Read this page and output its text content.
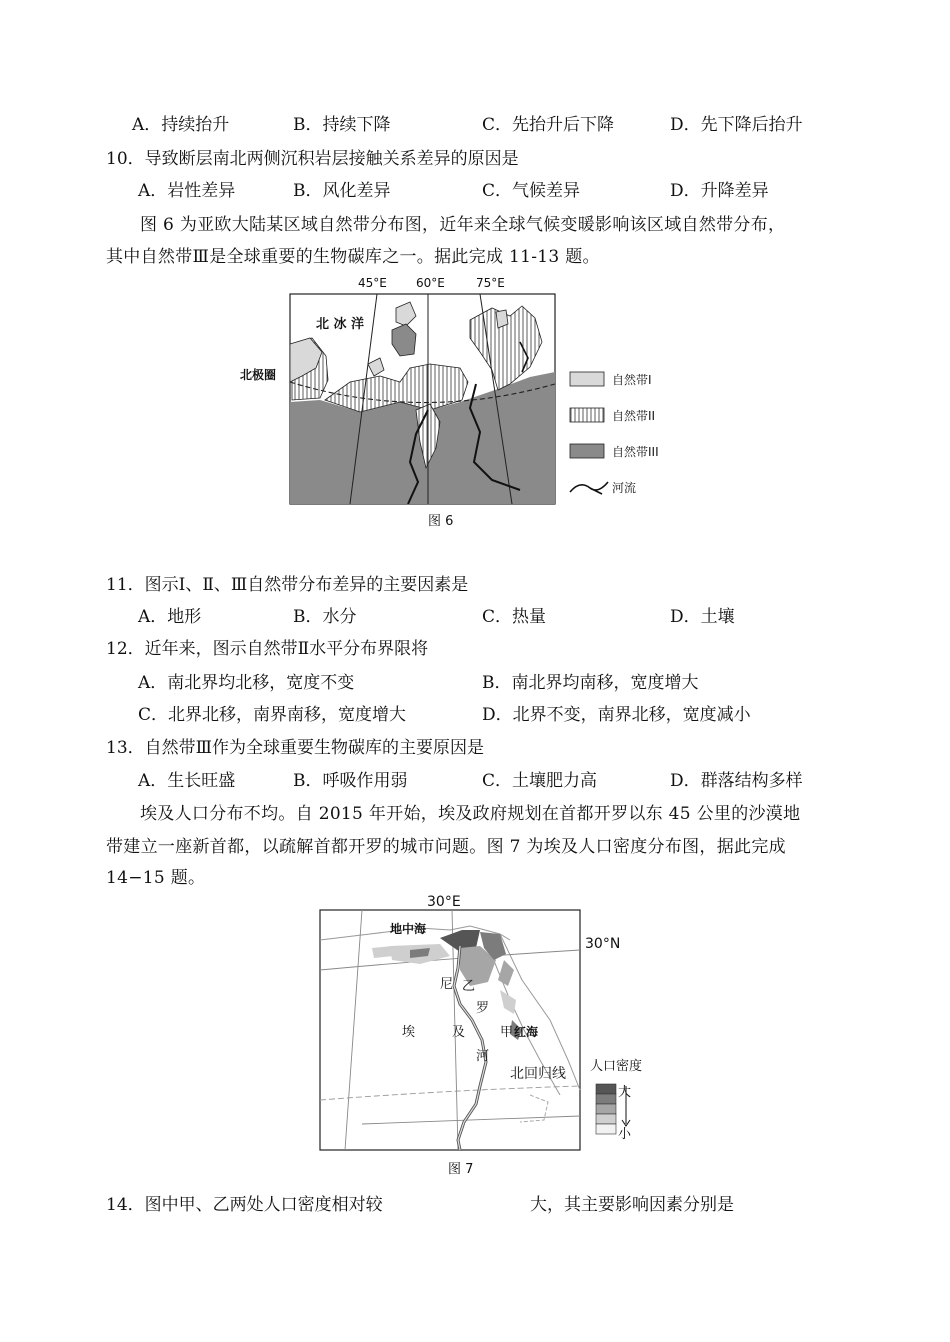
A．持续抬升	B．持续下降	C．先抬升后下降	D．先下降后抬升
10．导致断层南北两侧沉积岩层接触关系差异的原因是
A．岩性差异	B．风化差异	C．气候差异	D．升降差异
图 6 为亚欧大陆某区域自然带分布图，近年来全球气候变暖影响该区域自然带分布，
其中自然带Ⅲ是全球重要的生物碳库之一。据此完成 11-13 题。
45°E 60°E	75°E
北 冰 洋
北极圈	自然带I
自然带II
自然带III
河流
图 6
11．图示Ⅰ、Ⅱ、Ⅲ自然带分布差异的主要因素是
A．地形	B．水分	C．热量	D．土壤
12．近年来，图示自然带Ⅱ水平分布界限将
A．南北界均北移，宽度不变	B．南北界均南移，宽度增大
C．北界北移，南界南移，宽度增大	D．北界不变，南界北移，宽度减小
13．自然带Ⅲ作为全球重要生物碳库的主要原因是
A．生长旺盛	B．呼吸作用弱	C．土壤肥力高	D．群落结构多样
埃及人口分布不均。自 2015 年开始，埃及政府规划在首都开罗以东 45 公里的沙漠地
带建立一座新首都，以疏解首都开罗的城市问题。图 7 为埃及人口密度分布图，据此完成
14−15 题。
30°E
30°N
地中海
红海
埃	及
尼
罗
河
甲
乙
北回归线 人口密度
大
小
图 7
14．图中甲、乙两处人口密度相对较	大，其主要影响因素分别是
